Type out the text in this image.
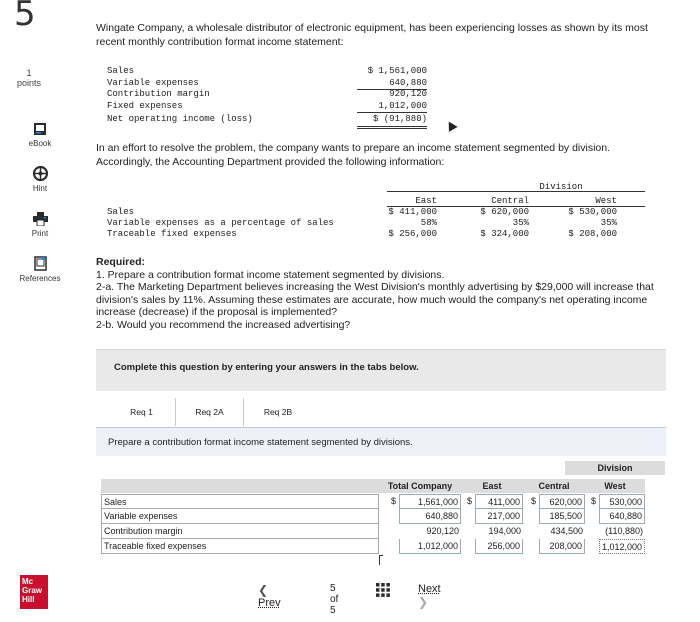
5
1
points
eBook
Hint
Print
References
Mc Graw Hill
Wingate Company, a wholesale distributor of electronic equipment, has been experiencing losses as shown by its most recent monthly contribution format income statement:
Sales	$ 1,561,000
Variable expenses	640,880
Contribution margin	920,120
Fixed expenses	1,012,000
Net operating income (loss)	$ (91,880)
In an effort to resolve the problem, the company wants to prepare an income statement segmented by division. Accordingly, the Accounting Department provided the following information:
Division
East	Central	West
Sales	$ 411,000	$ 620,000	$ 530,000
Variable expenses as a percentage of sales	58%	35%	35%
Traceable fixed expenses	$ 256,000	$ 324,000	$ 208,000
Required:
1. Prepare a contribution format income statement segmented by divisions.
2-a. The Marketing Department believes increasing the West Division's monthly advertising by $29,000 will increase that division's sales by 11%. Assuming these estimates are accurate, how much would the company's net operating income increase (decrease) if the proposal is implemented?
2-b. Would you recommend the increased advertising?
Complete this question by entering your answers in the tabs below.
Req 1	Req 2A	Req 2B
Prepare a contribution format income statement segmented by divisions.
Division
Total Company	East	Central	West
Sales	$	1,561,000	$	411,000	$	620,000	$	530,000
Variable expenses	640,880	217,000	185,500	640,880
Contribution margin	920,120	194,000	434,500	(110,880)
Traceable fixed expenses	1,012,000	256,000	208,000	1,012,000
❮ Prev
5 of 5
Next ❯
